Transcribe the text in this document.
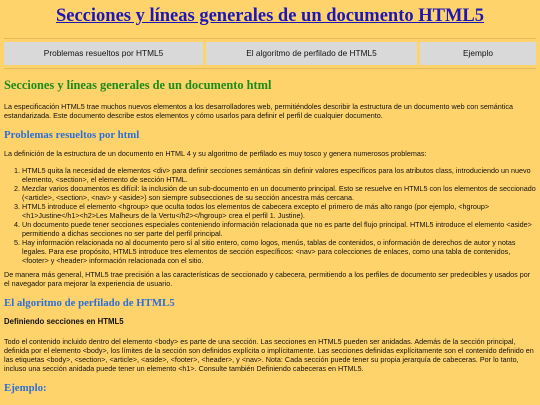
Secciones y líneas generales de un documento HTML5
Problemas resueltos por HTML5	El algoritmo de perfilado de HTML5	Ejemplo
Secciones y líneas generales de un documento html

La especificación HTML5 trae muchos nuevos elementos a los desarrolladores web, permitiéndoles describir la estructura de un documento web con semántica estandarizada. Este documento describe estos elementos y cómo usarlos para definir el perfil de cualquier documento.

Problemas resueltos por html

La definición de la estructura de un documento en HTML 4 y su algoritmo de perfilado es muy tosco y genera numerosos problemas:

1. HTML5 quita la necesidad de elementos <div> para definir secciones semánticas sin definir valores específicos para los atributos class, introduciendo un nuevo elemento, <section>, el elemento de sección HTML.
2. Mezclar varios documentos es difícil: la inclusión de un sub-documento en un documento principal. Esto se resuelve en HTML5 con los elementos de seccionado (<article>, <section>, <nav> y <aside>) son siempre subsecciones de su sección ancestra más cercana.
3. HTML5 introduce el elemento <hgroup> que oculta todos los elementos de cabecera excepto el primero de más alto rango (por ejemplo, <hgroup><h1>Justine</h1><h2>Les Malheurs de la Vertu</h2></hgroup> crea el perfil 1. Justine).
4. Un documento puede tener secciones especiales conteniendo información relacionada que no es parte del flujo principal. HTML5 introduce el elemento <aside> permitiendo a dichas secciones no ser parte del perfil principal.
5. Hay información relacionada no al documento pero sí al sitio entero, como logos, menús, tablas de contenidos, o información de derechos de autor y notas legales. Para ese propósito, HTML5 introduce tres elementos de sección específicos: <nav> para colecciones de enlaces, como una tabla de contenidos, <footer> y <header> información relacionada con el sitio.

De manera más general, HTML5 trae precisión a las características de seccionado y cabecera, permitiendo a los perfiles de documento ser predecibles y usados por el navegador para mejorar la experiencia de usuario.

El algoritmo de perfilado de HTML5
Definiendo secciones en HTML5

Todo el contenido incluido dentro del elemento <body> es parte de una sección. Las secciones en HTML5 pueden ser anidadas. Además de la sección principal, definida por el elemento <body>, los límites de la sección son definidos explícita o implícitamente. Las secciones definidas explícitamente son el contenido definido en las etiquetas <body>, <section>, <article>, <aside>, <footer>, <header>, y <nav>. Nota: Cada sección puede tener su propia jerarquía de cabeceras. Por lo tanto, incluso una sección anidada puede tener un elemento <h1>. Consulte también Definiendo cabeceras en HTML5.

Ejemplo:
